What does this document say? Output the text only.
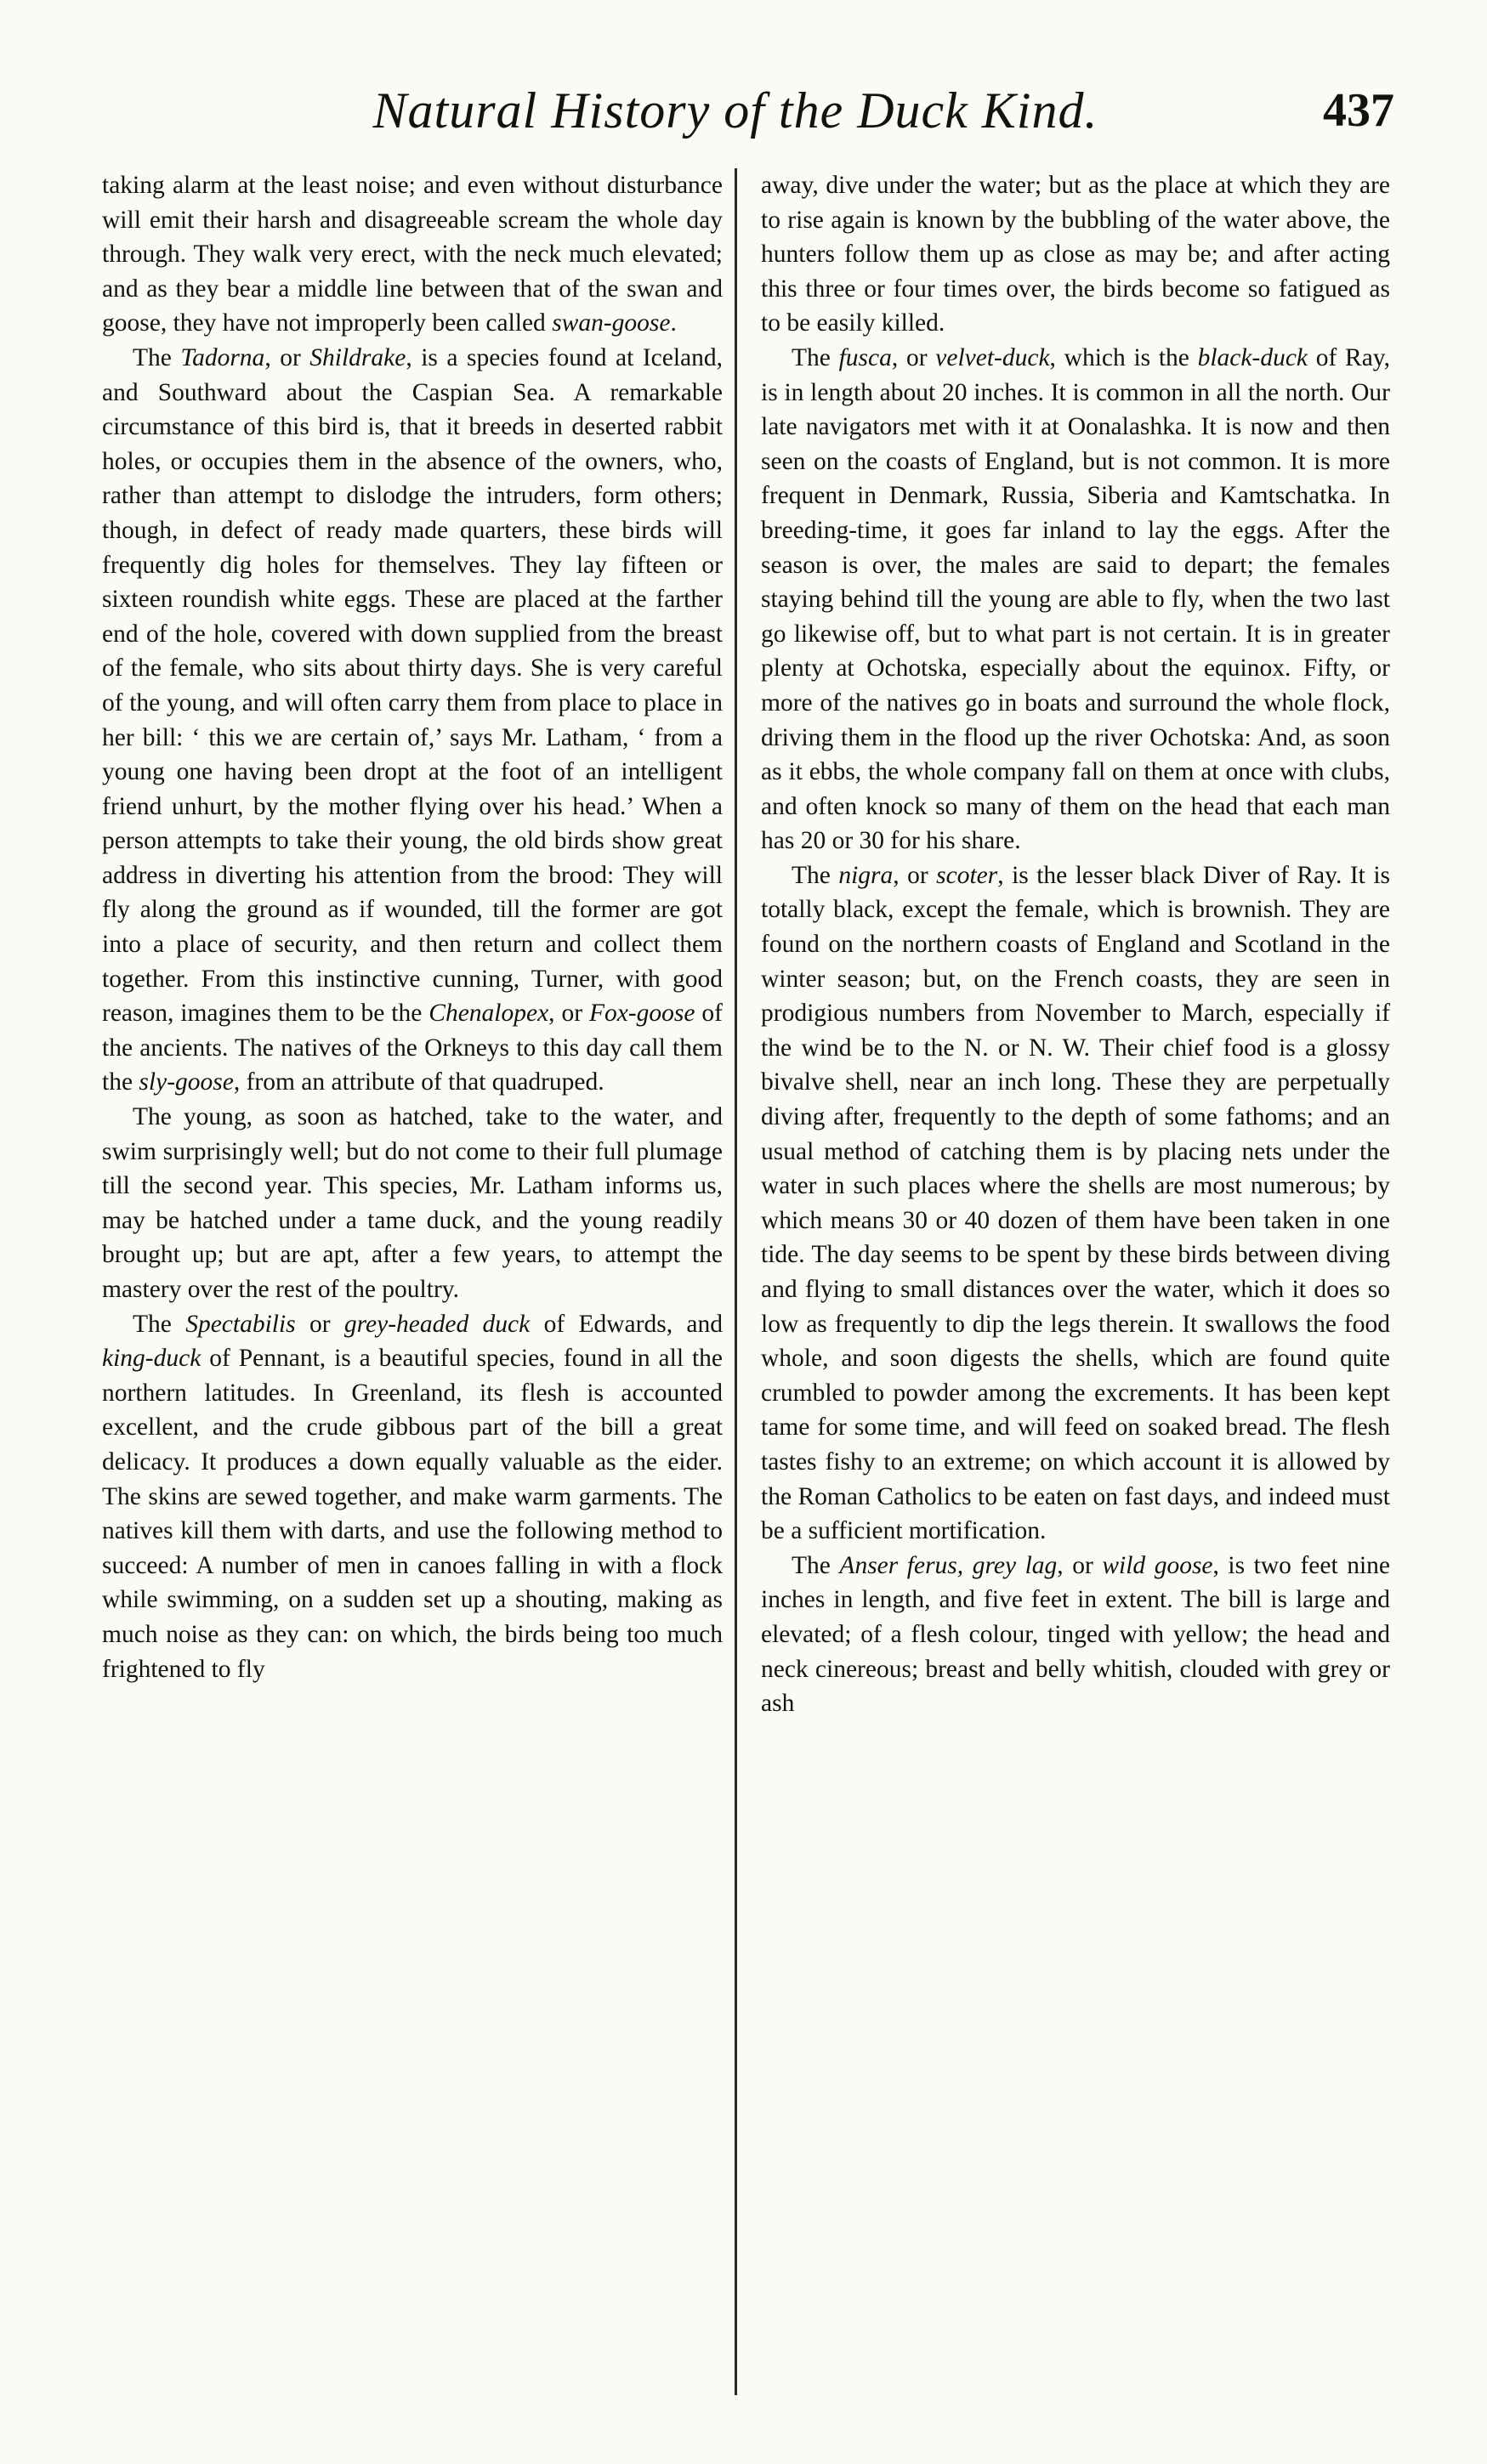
Natural History of the Duck Kind.	437

taking alarm at the least noise; and even without disturbance will emit their harsh and disagreeable scream the whole day through. They walk very erect, with the neck much elevated; and as they bear a middle line between that of the swan and goose, they have not improperly been called swan-goose.

The Tadorna, or Shildrake, is a species found at Iceland, and Southward about the Caspian Sea. A remarkable circumstance of this bird is, that it breeds in deserted rabbit holes, or occupies them in the absence of the owners, who, rather than attempt to dislodge the intruders, form others; though, in defect of ready made quarters, these birds will frequently dig holes for themselves. They lay fifteen or sixteen roundish white eggs. These are placed at the farther end of the hole, covered with down supplied from the breast of the female, who sits about thirty days. She is very careful of the young, and will often carry them from place to place in her bill: ‘ this we are certain of,’ says Mr. Latham, ‘ from a young one having been dropt at the foot of an intelligent friend unhurt, by the mother flying over his head.’ When a person attempts to take their young, the old birds show great address in diverting his attention from the brood: They will fly along the ground as if wounded, till the former are got into a place of security, and then return and collect them together. From this instinctive cunning, Turner, with good reason, imagines them to be the Chenalopex, or Fox-goose of the ancients. The natives of the Orkneys to this day call them the sly-goose, from an attribute of that quadruped.

The young, as soon as hatched, take to the water, and swim surprisingly well; but do not come to their full plumage till the second year. This species, Mr. Latham informs us, may be hatched under a tame duck, and the young readily brought up; but are apt, after a few years, to attempt the mastery over the rest of the poultry.

The Spectabilis or grey-headed duck of Edwards, and king-duck of Pennant, is a beautiful species, found in all the northern latitudes. In Greenland, its flesh is accounted excellent, and the crude gibbous part of the bill a great delicacy. It produces a down equally valuable as the eider. The skins are sewed together, and make warm garments. The natives kill them with darts, and use the following method to succeed: A number of men in canoes falling in with a flock while swimming, on a sudden set up a shouting, making as much noise as they can: on which, the birds being too much frightened to fly

away, dive under the water; but as the place at which they are to rise again is known by the bubbling of the water above, the hunters follow them up as close as may be; and after acting this three or four times over, the birds become so fatigued as to be easily killed.

The fusca, or velvet-duck, which is the black-duck of Ray, is in length about 20 inches. It is common in all the north. Our late navigators met with it at Oonalashka. It is now and then seen on the coasts of England, but is not common. It is more frequent in Denmark, Russia, Siberia and Kamtschatka. In breeding-time, it goes far inland to lay the eggs. After the season is over, the males are said to depart; the females staying behind till the young are able to fly, when the two last go likewise off, but to what part is not certain. It is in greater plenty at Ochotska, especially about the equinox. Fifty, or more of the natives go in boats and surround the whole flock, driving them in the flood up the river Ochotska: And, as soon as it ebbs, the whole company fall on them at once with clubs, and often knock so many of them on the head that each man has 20 or 30 for his share.

The nigra, or scoter, is the lesser black Diver of Ray. It is totally black, except the female, which is brownish. They are found on the northern coasts of England and Scotland in the winter season; but, on the French coasts, they are seen in prodigious numbers from November to March, especially if the wind be to the N. or N. W. Their chief food is a glossy bivalve shell, near an inch long. These they are perpetually diving after, frequently to the depth of some fathoms; and an usual method of catching them is by placing nets under the water in such places where the shells are most numerous; by which means 30 or 40 dozen of them have been taken in one tide. The day seems to be spent by these birds between diving and flying to small distances over the water, which it does so low as frequently to dip the legs therein. It swallows the food whole, and soon digests the shells, which are found quite crumbled to powder among the excrements. It has been kept tame for some time, and will feed on soaked bread. The flesh tastes fishy to an extreme; on which account it is allowed by the Roman Catholics to be eaten on fast days, and indeed must be a sufficient mortification.

The Anser ferus, grey lag, or wild goose, is two feet nine inches in length, and five feet in extent. The bill is large and elevated; of a flesh colour, tinged with yellow; the head and neck cinereous; breast and belly whitish, clouded with grey or ash
